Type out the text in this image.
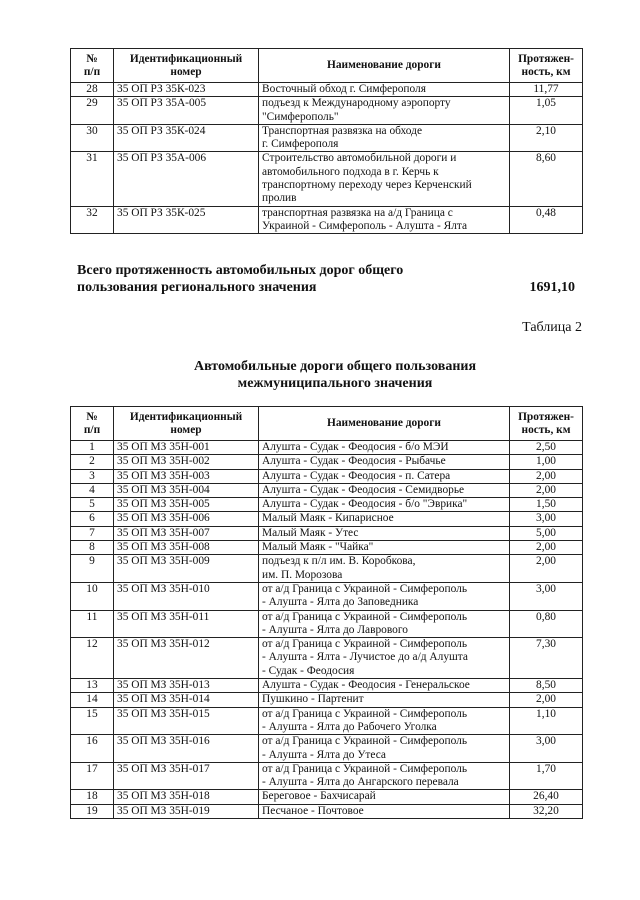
№
п/п	Идентификационный
номер	Наименование дороги	Протяжен-
ность, км
28	35 ОП РЗ 35К-023	Восточный обход г. Симферополя	11,77
29	35 ОП РЗ 35А-005	подъезд к Международному аэропорту
"Симферополь"	1,05
30	35 ОП РЗ 35К-024	Транспортная развязка на обходе
г. Симферополя	2,10
31	35 ОП РЗ 35А-006	Строительство автомобильной дороги и
автомобильного подхода в г. Керчь к
транспортному переходу через Керченский
пролив	8,60
32	35 ОП РЗ 35К-025	транспортная развязка на а/д Граница с
Украиной - Симферополь - Алушта - Ялта	0,48
Всего протяженность автомобильных дорог общего
пользования регионального значения	1691,10
Таблица 2
Автомобильные дороги общего пользования
межмуниципального значения
№
п/п	Идентификационный
номер	Наименование дороги	Протяжен-
ность, км
1	35 ОП МЗ 35Н-001	Алушта - Судак - Феодосия - б/о МЭИ	2,50
2	35 ОП МЗ 35Н-002	Алушта - Судак - Феодосия - Рыбачье	1,00
3	35 ОП МЗ 35Н-003	Алушта - Судак - Феодосия - п. Сатера	2,00
4	35 ОП МЗ 35Н-004	Алушта - Судак - Феодосия - Семидворье	2,00
5	35 ОП МЗ 35Н-005	Алушта - Судак - Феодосия - б/о "Эврика"	1,50
6	35 ОП МЗ 35Н-006	Малый Маяк - Кипарисное	3,00
7	35 ОП МЗ 35Н-007	Малый Маяк - Утес	5,00
8	35 ОП МЗ 35Н-008	Малый Маяк - "Чайка"	2,00
9	35 ОП МЗ 35Н-009	подъезд к п/л им. В. Коробкова,
им. П. Морозова	2,00
10	35 ОП МЗ 35Н-010	от а/д Граница с Украиной - Симферополь
- Алушта - Ялта до Заповедника	3,00
11	35 ОП МЗ 35Н-011	от а/д Граница с Украиной - Симферополь
- Алушта - Ялта до Лаврового	0,80
12	35 ОП МЗ 35Н-012	от а/д Граница с Украиной - Симферополь
- Алушта - Ялта - Лучистое до а/д Алушта
- Судак - Феодосия	7,30
13	35 ОП МЗ 35Н-013	Алушта - Судак - Феодосия - Генеральское	8,50
14	35 ОП МЗ 35Н-014	Пушкино - Партенит	2,00
15	35 ОП МЗ 35Н-015	от а/д Граница с Украиной - Симферополь
- Алушта - Ялта до Рабочего Уголка	1,10
16	35 ОП МЗ 35Н-016	от а/д Граница с Украиной - Симферополь
- Алушта - Ялта до Утеса	3,00
17	35 ОП МЗ 35Н-017	от а/д Граница с Украиной - Симферополь
- Алушта - Ялта до Ангарского перевала	1,70
18	35 ОП МЗ 35Н-018	Береговое - Бахчисарай	26,40
19	35 ОП МЗ 35Н-019	Песчаное - Почтовое	32,20
